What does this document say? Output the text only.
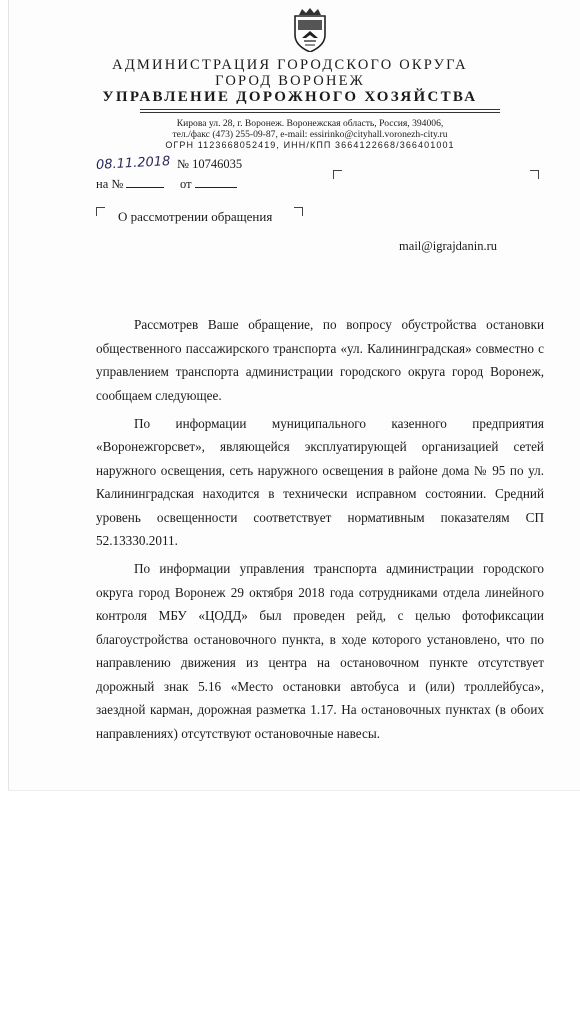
АДМИНИСТРАЦИЯ ГОРОДСКОГО ОКРУГА
ГОРОД ВОРОНЕЖ
УПРАВЛЕНИЕ ДОРОЖНОГО ХОЗЯЙСТВА
Кирова ул. 28, г. Воронеж. Воронежская область, Россия, 394006,
тел./факс (473) 255-09-87, e-mail: essirinko@cityhall.voronezh-city.ru
ОГРН 1123668052419, ИНН/КПП 3664122668/366401001
08.11.2018 № 10746035
на №	от
О рассмотрении обращения
mail@igrajdanin.ru

Рассмотрев Ваше обращение, по вопросу обустройства остановки общественного пассажирского транспорта «ул. Калининградская» совместно с управлением транспорта администрации городского округа город Воронеж, сообщаем следующее.

По информации муниципального казенного предприятия «Воронежгорсвет», являющейся эксплуатирующей организацией сетей наружного освещения, сеть наружного освещения в районе дома № 95 по ул. Калининградская находится в технически исправном состоянии. Средний уровень освещенности соответствует нормативным показателям СП 52.13330.2011.

По информации управления транспорта администрации городского округа город Воронеж 29 октября 2018 года сотрудниками отдела линейного контроля МБУ «ЦОДД» был проведен рейд, с целью фотофиксации благоустройства остановочного пункта, в ходе которого установлено, что по направлению движения из центра на остановочном пункте отсутствует дорожный знак 5.16 «Место остановки автобуса и (или) троллейбуса», заездной карман, дорожная разметка 1.17. На остановочных пунктах (в обоих направлениях) отсутствуют остановочные навесы.
